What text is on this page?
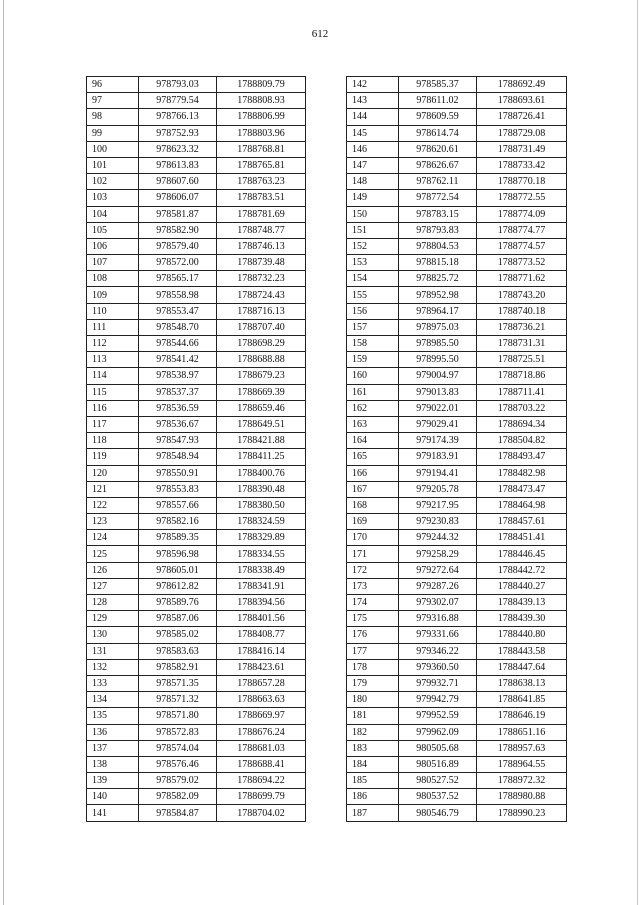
612
96	978793.03	1788809.79
97	978779.54	1788808.93
98	978766.13	1788806.99
99	978752.93	1788803.96
100	978623.32	1788768.81
101	978613.83	1788765.81
102	978607.60	1788763.23
103	978606.07	1788783.51
104	978581.87	1788781.69
105	978582.90	1788748.77
106	978579.40	1788746.13
107	978572.00	1788739.48
108	978565.17	1788732.23
109	978558.98	1788724.43
110	978553.47	1788716.13
111	978548.70	1788707.40
112	978544.66	1788698.29
113	978541.42	1788688.88
114	978538.97	1788679.23
115	978537.37	1788669.39
116	978536.59	1788659.46
117	978536.67	1788649.51
118	978547.93	1788421.88
119	978548.94	1788411.25
120	978550.91	1788400.76
121	978553.83	1788390.48
122	978557.66	1788380.50
123	978582.16	1788324.59
124	978589.35	1788329.89
125	978596.98	1788334.55
126	978605.01	1788338.49
127	978612.82	1788341.91
128	978589.76	1788394.56
129	978587.06	1788401.56
130	978585.02	1788408.77
131	978583.63	1788416.14
132	978582.91	1788423.61
133	978571.35	1788657.28
134	978571.32	1788663.63
135	978571.80	1788669.97
136	978572.83	1788676.24
137	978574.04	1788681.03
138	978576.46	1788688.41
139	978579.02	1788694.22
140	978582.09	1788699.79
141	978584.87	1788704.02
142	978585.37	1788692.49
143	978611.02	1788693.61
144	978609.59	1788726.41
145	978614.74	1788729.08
146	978620.61	1788731.49
147	978626.67	1788733.42
148	978762.11	1788770.18
149	978772.54	1788772.55
150	978783.15	1788774.09
151	978793.83	1788774.77
152	978804.53	1788774.57
153	978815.18	1788773.52
154	978825.72	1788771.62
155	978952.98	1788743.20
156	978964.17	1788740.18
157	978975.03	1788736.21
158	978985.50	1788731.31
159	978995.50	1788725.51
160	979004.97	1788718.86
161	979013.83	1788711.41
162	979022.01	1788703.22
163	979029.41	1788694.34
164	979174.39	1788504.82
165	979183.91	1788493.47
166	979194.41	1788482.98
167	979205.78	1788473.47
168	979217.95	1788464.98
169	979230.83	1788457.61
170	979244.32	1788451.41
171	979258.29	1788446.45
172	979272.64	1788442.72
173	979287.26	1788440.27
174	979302.07	1788439.13
175	979316.88	1788439.30
176	979331.66	1788440.80
177	979346.22	1788443.58
178	979360.50	1788447.64
179	979932.71	1788638.13
180	979942.79	1788641.85
181	979952.59	1788646.19
182	979962.09	1788651.16
183	980505.68	1788957.63
184	980516.89	1788964.55
185	980527.52	1788972.32
186	980537.52	1788980.88
187	980546.79	1788990.23
